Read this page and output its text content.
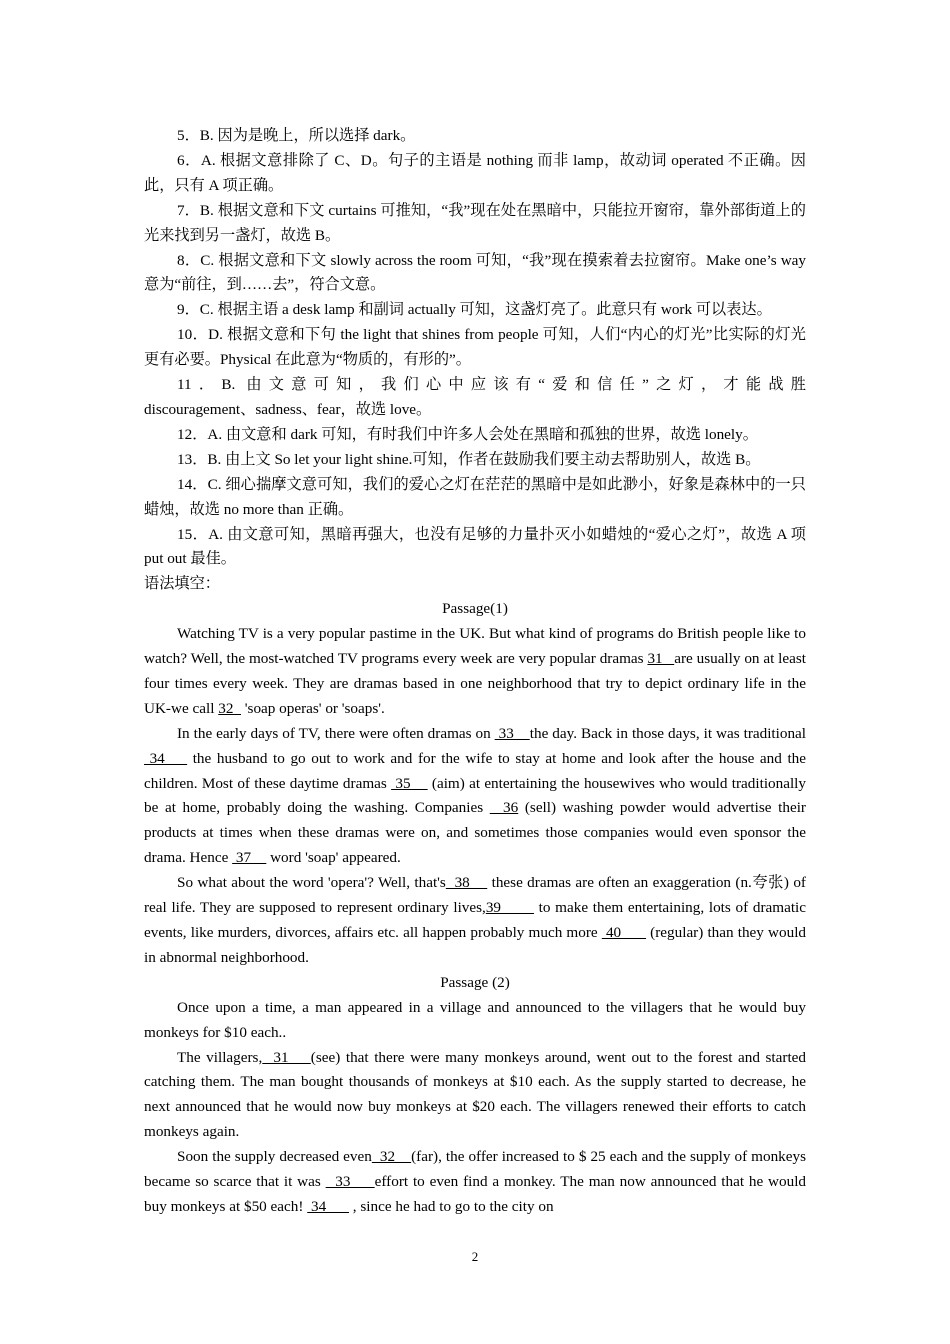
5．B. 因为是晚上，所以选择 dark。

6．A. 根据文意排除了 C、D。句子的主语是 nothing 而非 lamp，故动词 operated 不正确。因此，只有 A 项正确。

7．B. 根据文意和下文 curtains 可推知，“我”现在处在黑暗中，只能拉开窗帘，靠外部街道上的光来找到另一盏灯，故选 B。

8．C. 根据文意和下文 slowly across the room 可知，“我”现在摸索着去拉窗帘。Make one’s way 意为“前往，到……去”，符合文意。

9．C. 根据主语 a desk lamp 和副词 actually 可知，这盏灯亮了。此意只有 work 可以表达。

10．D. 根据文意和下句 the light that shines from people 可知，人们“内心的灯光”比实际的灯光更有必要。Physical 在此意为“物质的，有形的”。

11．B. 由文意可知，我们心中应该有“爱和信任”之灯，才能战胜

discouragement、sadness、fear，故选 love。

12．A. 由文意和 dark 可知，有时我们中许多人会处在黑暗和孤独的世界，故选 lonely。

13．B. 由上文 So let your light shine.可知，作者在鼓励我们要主动去帮助别人，故选 B。

14．C. 细心揣摩文意可知，我们的爱心之灯在茫茫的黑暗中是如此渺小，好象是森林中的一只蜡烛，故选 no more than 正确。

15．A. 由文意可知，黑暗再强大，也没有足够的力量扑灭小如蜡烛的“爱心之灯”，故选 A 项 put out 最佳。

语法填空：

Passage(1)

Watching TV is a very popular pastime in the UK. But what kind of programs do British people like to watch? Well, the most-watched TV programs every week are very popular dramas 31   are usually on at least four times every week. They are dramas based in one neighborhood that try to depict ordinary life in the UK-we call 32   'soap operas' or 'soaps'.

In the early days of TV, there were often dramas on  33    the day. Back in those days, it was traditional  34     the husband to go out to work and for the wife to stay at home and look after the house and the children. Most of these daytime dramas  35     (aim) at entertaining the housewives who would traditionally be at home, probably doing the washing. Companies   36 (sell) washing powder would advertise their products at times when these dramas were on, and sometimes those companies would even sponsor the drama. Hence  37     word 'soap' appeared.

So what about the word 'opera'? Well, that's  38     these dramas are often an exaggeration (n.夸张) of real life. They are supposed to represent ordinary lives,39        to make them entertaining, lots of dramatic events, like murders, divorces, affairs etc. all happen probably much more  40       (regular) than they would in abnormal neighborhood.

Passage (2)

Once upon a time, a man appeared in a village and announced to the villagers that he would buy monkeys for $10 each..

The villagers,  31    (see) that there were many monkeys around, went out to the forest and started catching them. The man bought thousands of monkeys at $10 each. As the supply started to decrease, he next announced that he would now buy monkeys at $20 each. The villagers renewed their efforts to catch monkeys again.

Soon the supply decreased even  32    (far), the offer increased to $ 25 each and the supply of monkeys became so scarce that it was   33     effort to even find a monkey. The man now announced that he would buy monkeys at $50 each!  34       , since he had to go to the city on

2
